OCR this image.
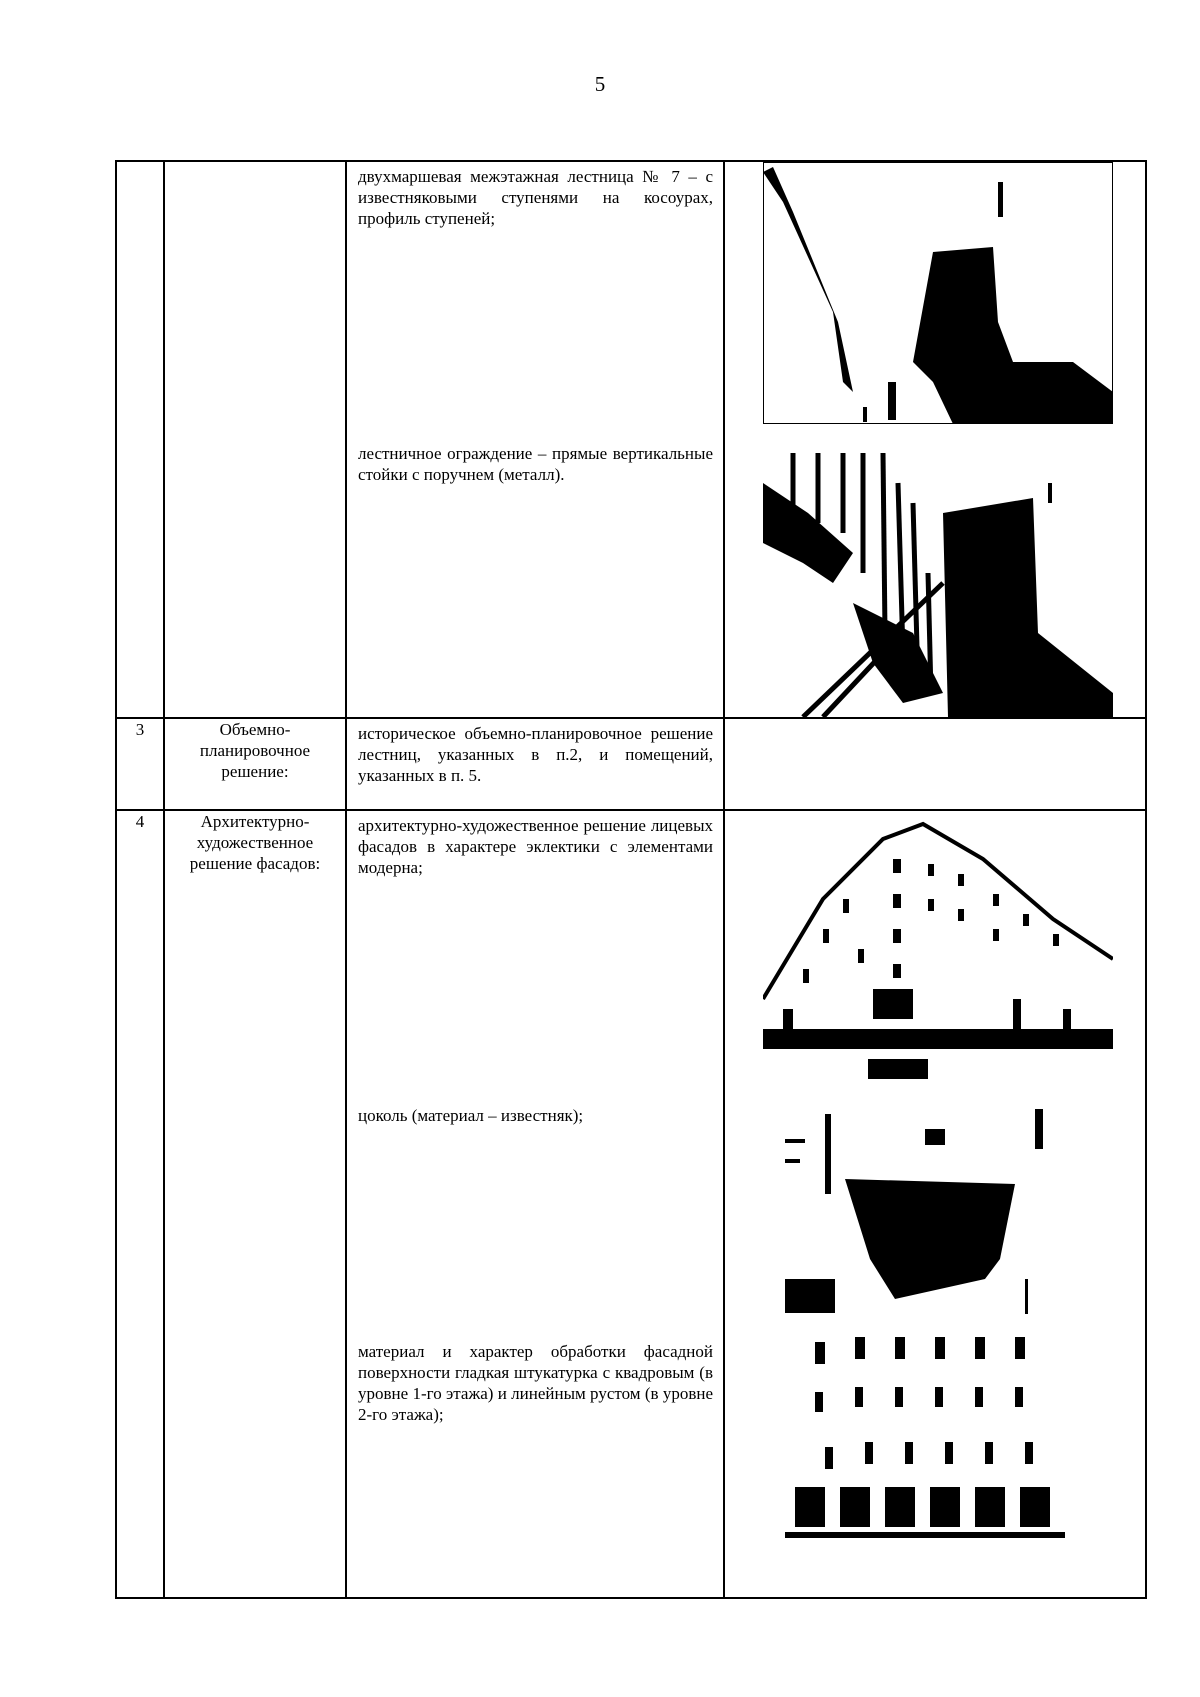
5

		двухмаршевая межэтажная лестница № 7 – с известняковыми ступенями на косоурах, профиль ступеней;
лестничное ограждение – прямые вертикальные стойки с поручнем (металл).

3	Объемно-планировочное решение:	историческое объемно-планировочное решение лестниц, указанных в п.2, и помещений, указанных в п. 5.	

4	Архитектурно-художественное решение фасадов:	архитектурно-художественное решение лицевых фасадов в характере эклектики с элементами модерна;
цоколь (материал – известняк);
материал и характер обработки фасадной поверхности гладкая штукатурка с квадровым (в уровне 1-го этажа) и линейным рустом (в уровне 2-го этажа);
